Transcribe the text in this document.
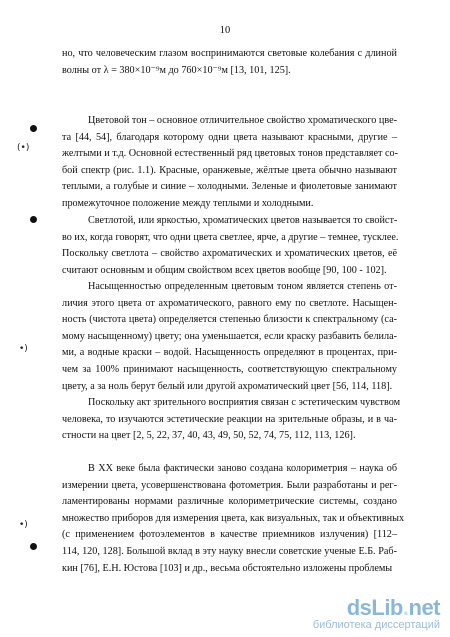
10
но, что человеческим глазом воспринимаются световые колебания с длиной
волны от λ = 380×10⁻⁹м до 760×10⁻⁹м [13, 101, 125].
Цветовой тон – основное отличительное свойство хроматического цве-
та [44, 54], благодаря которому одни цвета называют красными, другие –
желтыми и т.д. Основной естественный ряд цветовых тонов представляет со-
бой спектр (рис. 1.1). Красные, оранжевые, жёлтые цвета обычно называют
теплыми, а голубые и синие – холодными. Зеленые и фиолетовые занимают
промежуточное положение между теплыми и холодными.
Светлотой, или яркостью, хроматических цветов называется то свойст-
во их, когда говорят, что одни цвета светлее, ярче, а другие – темнее, тусклее.
Поскольку светлота – свойство ахроматических и хроматических цветов, её
считают основным и общим свойством всех цветов вообще [90, 100 - 102].
Насыщенностью определенным цветовым тоном является степень от-
личия этого цвета от ахроматического, равного ему по светлоте. Насыщен-
ность (чистота цвета) определяется степенью близости к спектральному (са-
мому насыщенному) цвету; она уменьшается, если краску разбавить белила-
ми, а водные краски – водой. Насыщенность определяют в процентах, при-
чем за 100% принимают насыщенность, соответствующую спектральному
цвету, а за ноль берут белый или другой ахроматический цвет [56, 114, 118].
Поскольку акт зрительного восприятия связан с эстетическим чувством
человека, то изучаются эстетические реакции на зрительные образы, и в ча-
стности на цвет [2, 5, 22, 37, 40, 43, 49, 50, 52, 74, 75, 112, 113, 126].
В XX веке была фактически заново создана колориметрия – наука об
измерении цвета, усовершенствована фотометрия. Были разработаны и рег-
ламентированы нормами различные колориметрические системы, создано
множество приборов для измерения цвета, как визуальных, так и объективных
(с применением фотоэлементов в качестве приемников излучения) [112–
114, 120, 128]. Большой вклад в эту науку внесли советские ученые Е.Б. Раб-
кин [76], Е.Н. Юстова [103] и др., весьма обстоятельно изложены проблемы
(•)
•)
•)
dsLib.net
библиотека диссертаций
